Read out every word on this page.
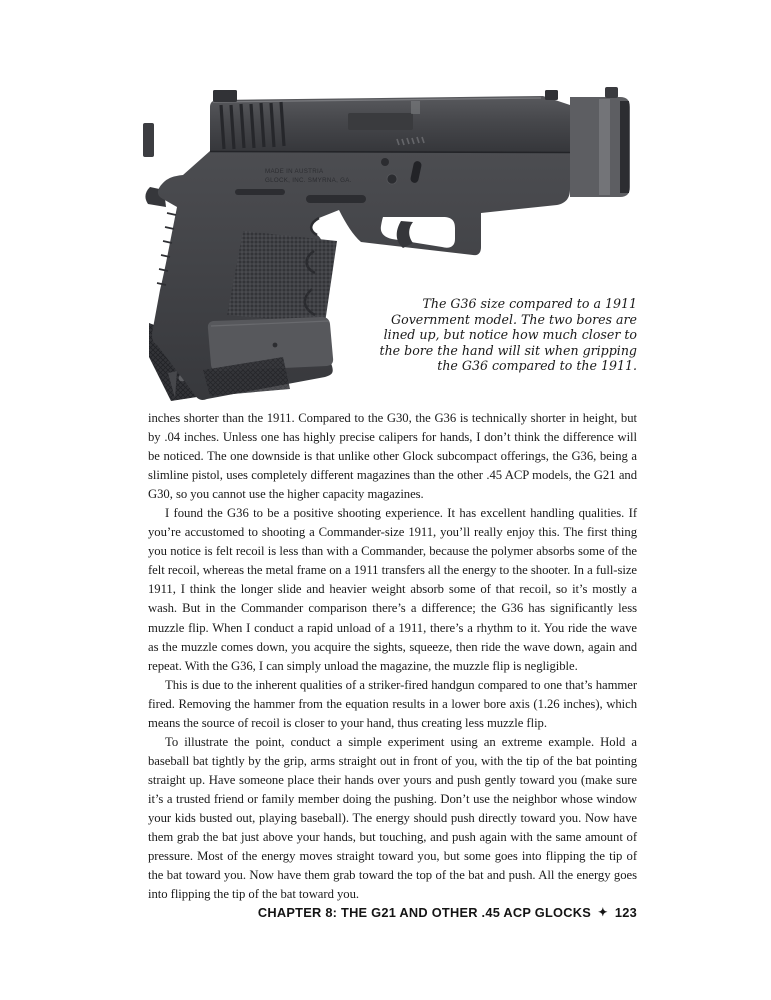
MADE IN AUSTRIA
GLOCK, INC. SMYRNA, GA.
The G36 size compared to a 1911
Government model. The two bores are
lined up, but notice how much closer to
the bore the hand will sit when gripping
the G36 compared to the 1911.

inches shorter than the 1911. Compared to the G30, the G36 is technically shorter in height, but by .04 inches. Unless one has highly precise calipers for hands, I don’t think the difference will be noticed. The one downside is that unlike other Glock subcompact offerings, the G36, being a slimline pistol, uses completely different magazines than the other .45 ACP models, the G21 and G30, so you cannot use the higher capacity magazines.

I found the G36 to be a positive shooting experience. It has excellent handling qualities. If you’re accustomed to shooting a Commander-size 1911, you’ll really enjoy this. The first thing you notice is felt recoil is less than with a Commander, because the polymer absorbs some of the felt recoil, whereas the metal frame on a 1911 transfers all the energy to the shooter. In a full-size 1911, I think the longer slide and heavier weight absorb some of that recoil, so it’s mostly a wash. But in the Commander comparison there’s a difference; the G36 has significantly less muzzle flip. When I conduct a rapid unload of a 1911, there’s a rhythm to it. You ride the wave as the muzzle comes down, you acquire the sights, squeeze, then ride the wave down, again and repeat. With the G36, I can simply unload the magazine, the muzzle flip is negligible.

This is due to the inherent qualities of a striker-fired handgun compared to one that’s hammer fired. Removing the hammer from the equation results in a lower bore axis (1.26 inches), which means the source of recoil is closer to your hand, thus creating less muzzle flip.

To illustrate the point, conduct a simple experiment using an extreme example. Hold a baseball bat tightly by the grip, arms straight out in front of you, with the tip of the bat pointing straight up. Have someone place their hands over yours and push gently toward you (make sure it’s a trusted friend or family member doing the pushing. Don’t use the neighbor whose window your kids busted out, playing baseball). The energy should push directly toward you. Now have them grab the bat just above your hands, but touching, and push again with the same amount of pressure. Most of the energy moves straight toward you, but some goes into flipping the tip of the bat toward you. Now have them grab toward the top of the bat and push. All the energy goes into flipping the tip of the bat toward you.

CHAPTER 8: THE G21 AND OTHER .45 ACP GLOCKS ✦ 123
